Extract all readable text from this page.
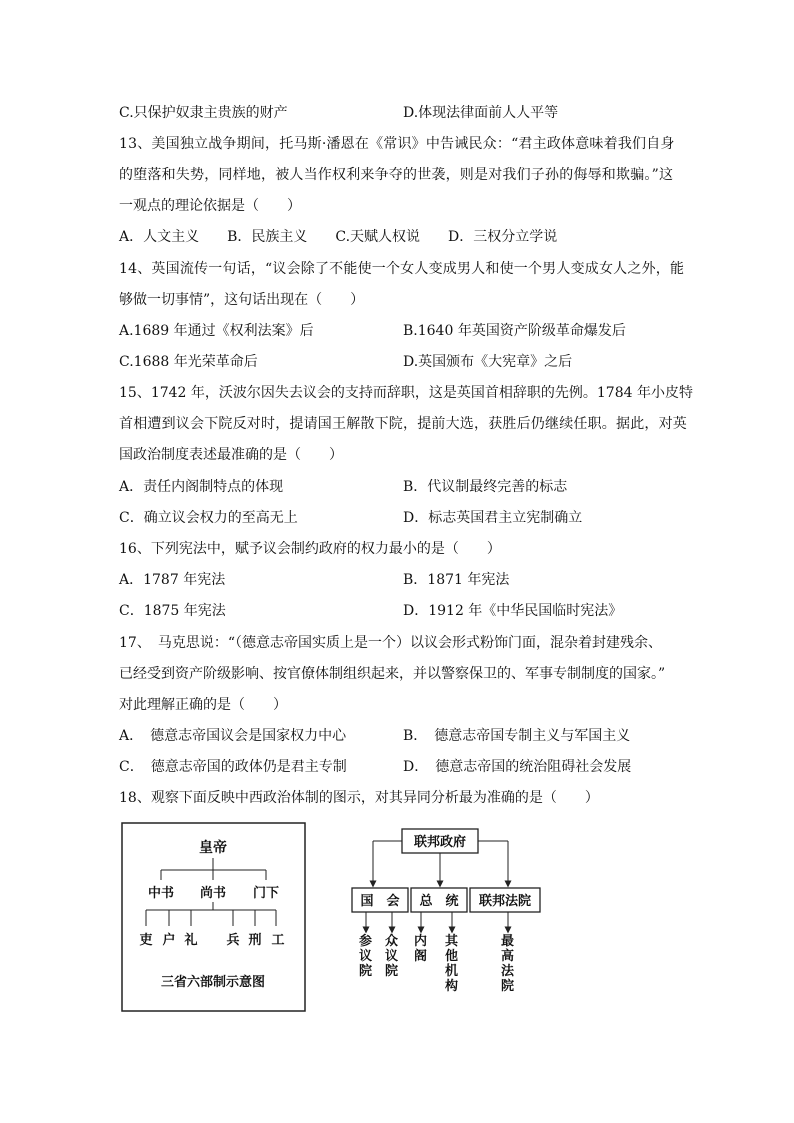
C.只保护奴隶主贵族的财产	D.体现法律面前人人平等
13、美国独立战争期间，托马斯·潘恩在《常识》中告诫民众：“君主政体意味着我们自身
的堕落和失势，同样地，被人当作权利来争夺的世袭，则是对我们子孙的侮辱和欺骗。”这
一观点的理论依据是（　　）
A．人文主义　　B．民族主义　　C.天赋人权说　　D．三权分立学说
14、英国流传一句话，“议会除了不能使一个女人变成男人和使一个男人变成女人之外，能
够做一切事情”，这句话出现在（　　）
A.1689 年通过《权利法案》后	B.1640 年英国资产阶级革命爆发后
C.1688 年光荣革命后	D.英国颁布《大宪章》之后
15、1742 年，沃波尔因失去议会的支持而辞职，这是英国首相辞职的先例。1784 年小皮特
首相遭到议会下院反对时，提请国王解散下院，提前大选，获胜后仍继续任职。据此，对英
国政治制度表述最准确的是（　　）
A．责任内阁制特点的体现	B．代议制最终完善的标志
C．确立议会权力的至高无上	D．标志英国君主立宪制确立
16、下列宪法中，赋予议会制约政府的权力最小的是（　　）
A．1787 年宪法	B．1871 年宪法
C．1875 年宪法	D．1912 年《中华民国临时宪法》
17、　马克思说：“（德意志帝国实质上是一个）以议会形式粉饰门面，混杂着封建残余、
已经受到资产阶级影响、按官僚体制组织起来，并以警察保卫的、军事专制制度的国家。”
对此理解正确的是（　　）
A．　德意志帝国议会是国家权力中心	B．　德意志帝国专制主义与军国主义
C．　德意志帝国的政体仍是君主专制	D．　德意志帝国的统治阻碍社会发展
18、观察下面反映中西政治体制的图示，对其异同分析最为准确的是（　　）
皇帝
中书 尚书 门下
吏 户 礼 兵 刑 工
三省六部制示意图
联邦政府
国　会 总　统 联邦法院
参议院
众议院
内阁
其他机构
最高法院
